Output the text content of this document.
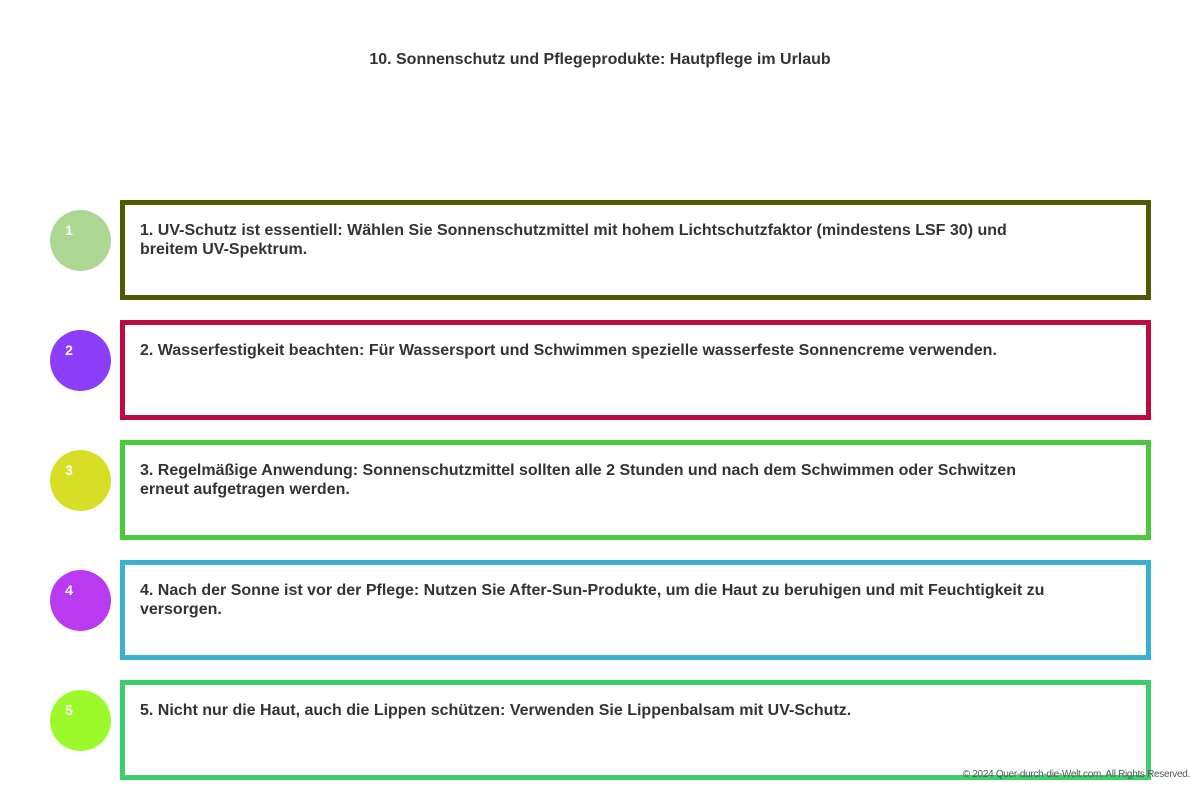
10. Sonnenschutz und Pflegeprodukte: Hautpflege im Urlaub
1	1. UV-Schutz ist essentiell: Wählen Sie Sonnenschutzmittel mit hohem Lichtschutzfaktor (mindestens LSF 30) und breitem UV-Spektrum.
2	2. Wasserfestigkeit beachten: Für Wassersport und Schwimmen spezielle wasserfeste Sonnencreme verwenden.
3	3. Regelmäßige Anwendung: Sonnenschutzmittel sollten alle 2 Stunden und nach dem Schwimmen oder Schwitzen erneut aufgetragen werden.
4	4. Nach der Sonne ist vor der Pflege: Nutzen Sie After-Sun-Produkte, um die Haut zu beruhigen und mit Feuchtigkeit zu versorgen.
5	5. Nicht nur die Haut, auch die Lippen schützen: Verwenden Sie Lippenbalsam mit UV-Schutz.
© 2024 Quer-durch-die-Welt.com. All Rights Reserved.
